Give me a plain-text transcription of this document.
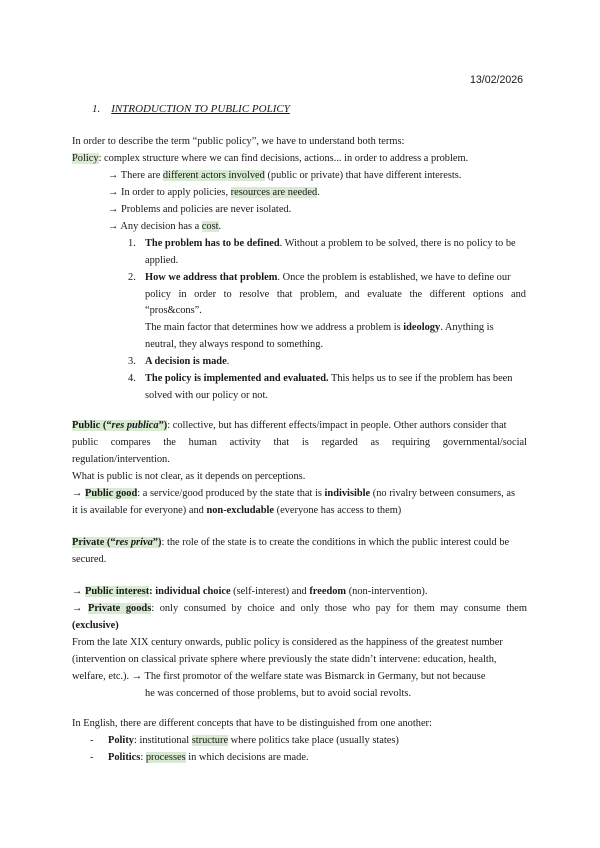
13/02/2026
1. INTRODUCTION TO PUBLIC POLICY
In order to describe the term “public policy”, we have to understand both terms:
Policy: complex structure where we can find decisions, actions... in order to address a problem.
→ There are different actors involved (public or private) that have different interests.
→ In order to apply policies, resources are needed.
→ Problems and policies are never isolated.
→ Any decision has a cost.
1. The problem has to be defined. Without a problem to be solved, there is no policy to be
applied.
2. How we address that problem. Once the problem is established, we have to define our
policy in order to resolve that problem, and evaluate the different options and
“pros&cons”.
The main factor that determines how we address a problem is ideology. Anything is
neutral, they always respond to something.
3. A decision is made.
4. The policy is implemented and evaluated. This helps us to see if the problem has been
solved with our policy or not.
Public (“res publica”): collective, but has different effects/impact in people. Other authors consider that
public compares the human activity that is regarded as requiring governmental/social
regulation/intervention.
What is public is not clear, as it depends on perceptions.
→ Public good: a service/good produced by the state that is indivisible (no rivalry between consumers, as
it is available for everyone) and non-excludable (everyone has access to them)
Private (“res priva”): the role of the state is to create the conditions in which the public interest could be
secured.
→ Public interest: individual choice (self-interest) and freedom (non-intervention).
→ Private goods: only consumed by choice and only those who pay for them may consume them
(exclusive)
From the late XIX century onwards, public policy is considered as the happiness of the greatest number
(intervention on classical private sphere where previously the state didn’t intervene: education, health,
welfare, etc.). → The first promotor of the welfare state was Bismarck in Germany, but not because
he was concerned of those problems, but to avoid social revolts.
In English, there are different concepts that have to be distinguished from one another:
- Polity: institutional structure where politics take place (usually states)
- Politics: processes in which decisions are made.
